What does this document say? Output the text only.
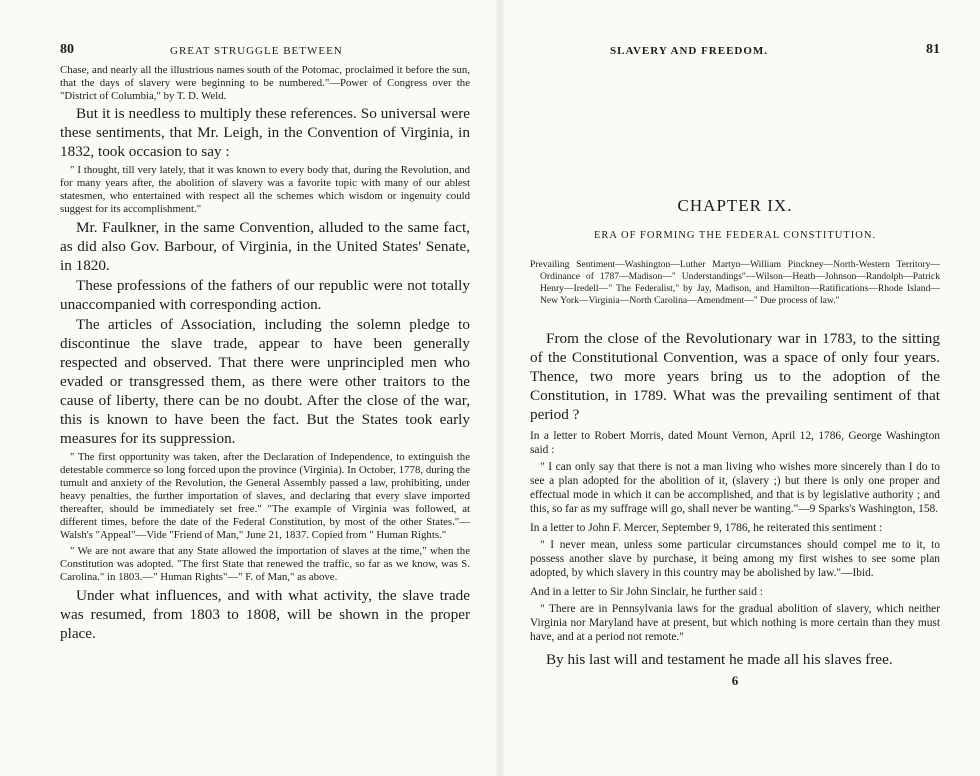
80	GREAT STRUGGLE BETWEEN

Chase, and nearly all the illustrious names south of the Potomac, proclaimed it before the sun, that the days of slavery were beginning to be numbered."—Power of Congress over the "District of Columbia," by T. D. Weld.

But it is needless to multiply these references. So universal were these sentiments, that Mr. Leigh, in the Convention of Virginia, in 1832, took occasion to say :

" I thought, till very lately, that it was known to every body that, during the Revolution, and for many years after, the abolition of slavery was a favorite topic with many of our ablest statesmen, who entertained with respect all the schemes which wisdom or ingenuity could suggest for its accomplishment."

Mr. Faulkner, in the same Convention, alluded to the same fact, as did also Gov. Barbour, of Virginia, in the United States' Senate, in 1820.

These professions of the fathers of our republic were not totally unaccompanied with corresponding action.

The articles of Association, including the solemn pledge to discontinue the slave trade, appear to have been generally respected and observed. That there were unprincipled men who evaded or transgressed them, as there were other traitors to the cause of liberty, there can be no doubt. After the close of the war, this is known to have been the fact. But the States took early measures for its suppression.

" The first opportunity was taken, after the Declaration of Independence, to extinguish the detestable commerce so long forced upon the province (Virginia). In October, 1778, during the tumult and anxiety of the Revolution, the General Assembly passed a law, prohibiting, under heavy penalties, the further importation of slaves, and declaring that every slave imported thereafter, should be immediately set free." "The example of Virginia was followed, at different times, before the date of the Federal Constitution, by most of the other States."—Walsh's "Appeal"—Vide "Friend of Man," June 21, 1837. Copied from " Human Rights."

" We are not aware that any State allowed the importation of slaves at the time," when the Constitution was adopted. "The first State that renewed the traffic, so far as we know, was S. Carolina." in 1803.—" Human Rights"—" F. of Man," as above.

Under what influences, and with what activity, the slave trade was resumed, from 1803 to 1808, will be shown in the proper place.

SLAVERY AND FREEDOM.	81
CHAPTER IX.
ERA OF FORMING THE FEDERAL CONSTITUTION.

Prevailing Sentiment—Washington—Luther Martyn—William Pinckney—North-Western Territory—Ordinance of 1787—Madison—" Understandings"—Wilson—Heath—Johnson—Randolph—Patrick Henry—Iredell—" The Federalist," by Jay, Madison, and Hamilton—Ratifications—Rhode Island—New York—Virginia—North Carolina—Amendment—" Due process of law."

From the close of the Revolutionary war in 1783, to the sitting of the Constitutional Convention, was a space of only four years. Thence, two more years bring us to the adoption of the Constitution, in 1789. What was the prevailing sentiment of that period ?

In a letter to Robert Morris, dated Mount Vernon, April 12, 1786, George Washington said :

" I can only say that there is not a man living who wishes more sincerely than I do to see a plan adopted for the abolition of it, (slavery ;) but there is only one proper and effectual mode in which it can be accomplished, and that is by legislative authority ; and this, so far as my suffrage will go, shall never be wanting."—9 Sparks's Washington, 158.

In a letter to John F. Mercer, September 9, 1786, he reiterated this sentiment :

" I never mean, unless some particular circumstances should compel me to it, to possess another slave by purchase, it being among my first wishes to see some plan adopted, by which slavery in this country may be abolished by law."—Ibid.

And in a letter to Sir John Sinclair, he further said :

" There are in Pennsylvania laws for the gradual abolition of slavery, which neither Virginia nor Maryland have at present, but which nothing is more certain than they must have, and at a period not remote."

By his last will and testament he made all his slaves free.

6
